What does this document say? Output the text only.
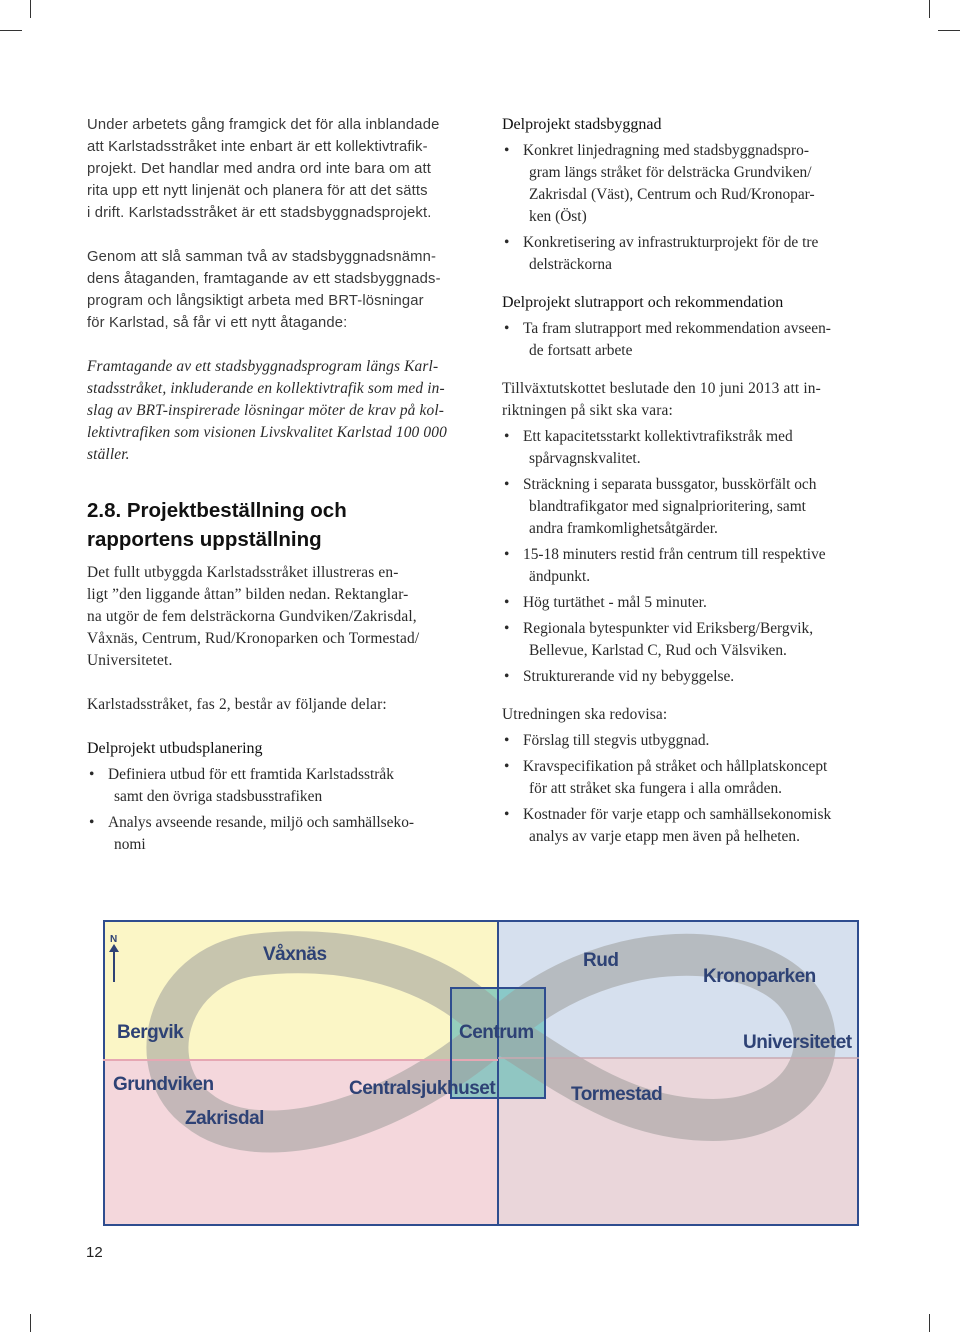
Under arbetets gång framgick det för alla inblandade
att Karlstadsstråket inte enbart är ett kollektivtrafik-
projekt. Det handlar med andra ord inte bara om att
rita upp ett nytt linjenät och planera för att det sätts
i drift. Karlstadsstråket är ett stadsbyggnadsprojekt.

Genom att slå samman två av stadsbyggnadsnämn-
dens åtaganden, framtagande av ett stadsbyggnads-
program och långsiktigt arbeta med BRT-lösningar
för Karlstad, så får vi ett nytt åtagande:

Framtagande av ett stadsbyggnadsprogram längs Karl-
stadsstråket, inkluderande en kollektivtrafik som med in-
slag av BRT-inspirerade lösningar möter de krav på kol-
lektivtrafiken som visionen Livskvalitet Karlstad 100 000
ställer.

2.8. Projektbeställning och
rapportens uppställning

Det fullt utbyggda Karlstadsstråket illustreras en-
ligt ”den liggande åttan” bilden nedan. Rektanglar-
na utgör de fem delsträckorna Gundviken/Zakrisdal,
Våxnäs, Centrum, Rud/Kronoparken och Tormestad/
Universitetet.

Karlstadsstråket, fas 2, består av följande delar:

Delprojekt utbudsplanering
• Definiera utbud för ett framtida Karlstadsstråk
samt den övriga stadsbusstrafiken
• Analys avseende resande, miljö och samhällseko-
nomi
Delprojekt stadsbyggnad
• Konkret linjedragning med stadsbyggnadspro-
gram längs stråket för delsträcka Grundviken/
Zakrisdal (Väst), Centrum och Rud/Kronopar-
ken (Öst)
• Konkretisering av infrastrukturprojekt för de tre
delsträckorna
Delprojekt slutrapport och rekommendation
• Ta fram slutrapport med rekommendation avseen-
de fortsatt arbete

Tillväxtutskottet beslutade den 10 juni 2013 att in-
riktningen på sikt ska vara:

• Ett kapacitetsstarkt kollektivtrafikstråk med
spårvagnskvalitet.
• Sträckning i separata bussgator, busskörfält och
blandtrafikgator med signalprioritering, samt
andra framkomlighetsåtgärder.
• 15-18 minuters restid från centrum till respektive
ändpunkt.
• Hög turtäthet - mål 5 minuter.
• Regionala bytespunkter vid Eriksberg/Bergvik,
Bellevue, Karlstad C, Rud och Välsviken.
• Strukturerande vid ny bebyggelse.

Utredningen ska redovisa:

• Förslag till stegvis utbyggnad.
• Kravspecifikation på stråket och hållplatskoncept
för att stråket ska fungera i alla områden.
• Kostnader för varje etapp och samhällsekonomisk
analys av varje etapp men även på helheten.
N
Våxnäs	Rud
Kronoparken
Bergvik	Centrum	Universitetet
Grundviken	Centralsjukhuset	Tormestad
Zakrisdal
12
